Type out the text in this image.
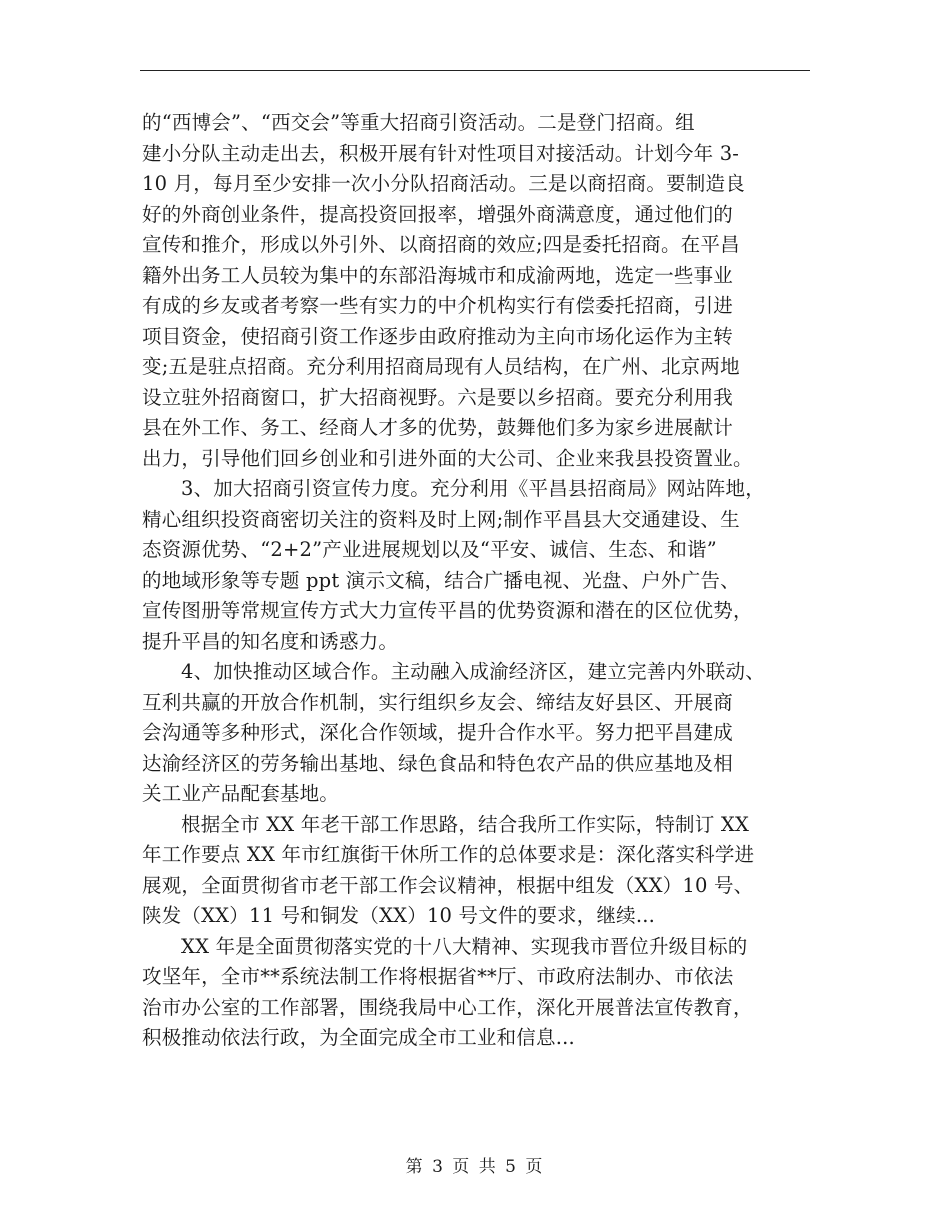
的“西博会”、“西交会”等重大招商引资活动。二是登门招商。组
建小分队主动走出去，积极开展有针对性项目对接活动。计划今年 3-
10 月，每月至少安排一次小分队招商活动。三是以商招商。要制造良
好的外商创业条件，提高投资回报率，增强外商满意度，通过他们的
宣传和推介，形成以外引外、以商招商的效应;四是委托招商。在平昌
籍外出务工人员较为集中的东部沿海城市和成渝两地，选定一些事业
有成的乡友或者考察一些有实力的中介机构实行有偿委托招商，引进
项目资金，使招商引资工作逐步由政府推动为主向市场化运作为主转
变;五是驻点招商。充分利用招商局现有人员结构，在广州、北京两地
设立驻外招商窗口，扩大招商视野。六是要以乡招商。要充分利用我
县在外工作、务工、经商人才多的优势，鼓舞他们多为家乡进展献计
出力，引导他们回乡创业和引进外面的大公司、企业来我县投资置业。
3、加大招商引资宣传力度。充分利用《平昌县招商局》网站阵地，
精心组织投资商密切关注的资料及时上网;制作平昌县大交通建设、生
态资源优势、“2+2”产业进展规划以及“平安、诚信、生态、和谐”
的地域形象等专题 ppt 演示文稿，结合广播电视、光盘、户外广告、
宣传图册等常规宣传方式大力宣传平昌的优势资源和潜在的区位优势，
提升平昌的知名度和诱惑力。
4、加快推动区域合作。主动融入成渝经济区，建立完善内外联动、
互利共赢的开放合作机制，实行组织乡友会、缔结友好县区、开展商
会沟通等多种形式，深化合作领域，提升合作水平。努力把平昌建成
达渝经济区的劳务输出基地、绿色食品和特色农产品的供应基地及相
关工业产品配套基地。
根据全市 XX 年老干部工作思路，结合我所工作实际，特制订 XX
年工作要点 XX 年市红旗街干休所工作的总体要求是：深化落实科学进
展观，全面贯彻省市老干部工作会议精神，根据中组发（XX）10 号、
陕发（XX）11 号和铜发（XX）10 号文件的要求，继续...
XX 年是全面贯彻落实党的十八大精神、实现我市晋位升级目标的
攻坚年，全市**系统法制工作将根据省**厅、市政府法制办、市依法
治市办公室的工作部署，围绕我局中心工作，深化开展普法宣传教育，
积极推动依法行政，为全面完成全市工业和信息...
第 3 页 共 5 页
